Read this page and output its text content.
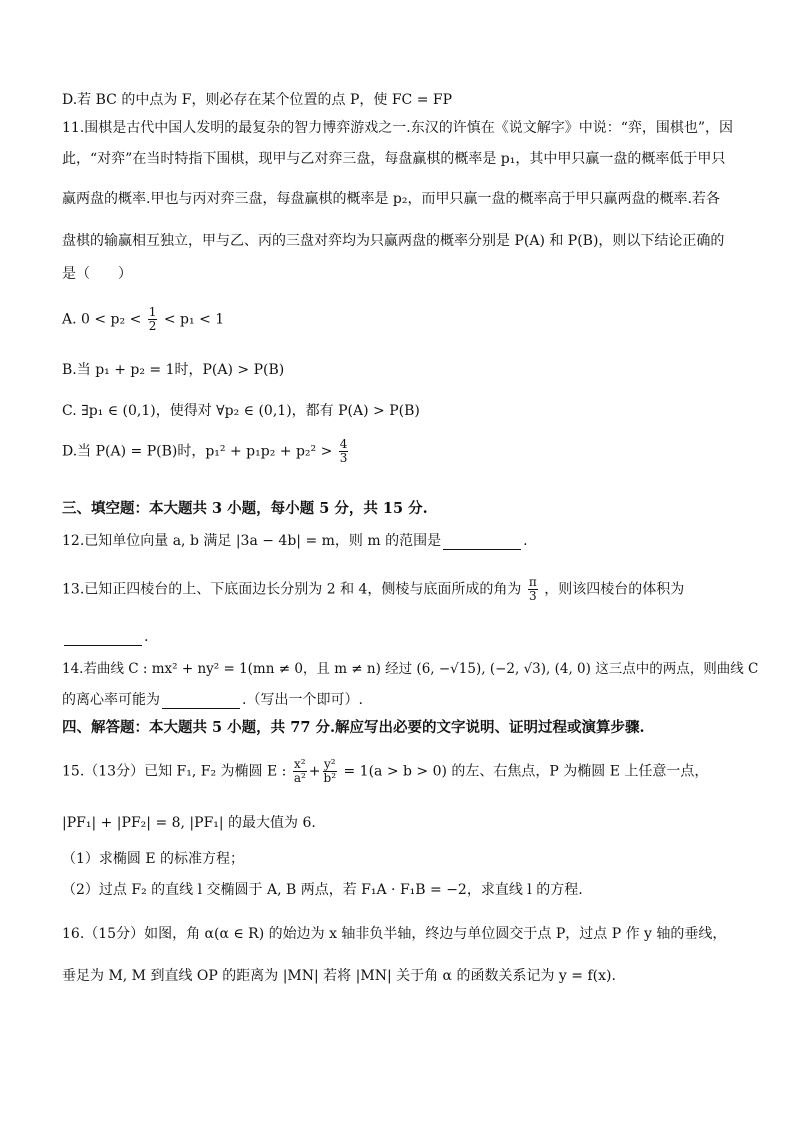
D.若 BC 的中点为 F，则必存在某个位置的点 P，使 FC = FP
11.围棋是古代中国人发明的最复杂的智力博弈游戏之一.东汉的许慎在《说文解字》中说：“弈，围棋也”，因
此，“对弈”在当时特指下围棋，现甲与乙对弈三盘，每盘赢棋的概率是 p₁，其中甲只赢一盘的概率低于甲只
赢两盘的概率.甲也与丙对弈三盘，每盘赢棋的概率是 p₂，而甲只赢一盘的概率高于甲只赢两盘的概率.若各
盘棋的输赢相互独立，甲与乙、丙的三盘对弈均为只赢两盘的概率分别是 P(A) 和 P(B)，则以下结论正确的
是（　　）
A. $0 < p_2 < \frac{1}{2} < p_1 < 1$
B.当 p₁ + p₂ = 1时，P(A) > P(B)
C. ∃p₁ ∈ (0,1)，使得对 ∀p₂ ∈ (0,1)，都有 P(A) > P(B)
D.当 P(A) = P(B)时，$p_1^2 + p_1p_2 + p_2^2 > \frac{4}{3}$
三、填空题：本大题共 3 小题，每小题 5 分，共 15 分.
12.已知单位向量 a, b 满足 |3a − 4b| = m，则 m 的范围是	.
13.已知正四棱台的上、下底面边长分别为 2 和 4，侧棱与底面所成的角为 $\frac{\pi}{3}$ ，则该四棱台的体积为
.
14.若曲线 C : mx² + ny² = 1(mn ≠ 0，且 m ≠ n) 经过 (6, −√15), (−2, √3), (4, 0) 这三点中的两点，则曲线 C
的离心率可能为	.（写出一个即可）.
四、解答题：本大题共 5 小题，共 77 分.解应写出必要的文字说明、证明过程或演算步骤.
15.（13分）已知 F₁, F₂ 为椭圆 E : $\frac{\text{x²}}{\text{a²}} + \frac{\text{y²}}{\text{b²}} = 1(a > b > 0)$ 的左、右焦点，P 为椭圆 E 上任意一点，
|PF₁| + |PF₂| = 8, |PF₁| 的最大值为 6.
（1）求椭圆 E 的标准方程；
（2）过点 F₂ 的直线 l 交椭圆于 A, B 两点，若 F₁A · F₁B = −2，求直线 l 的方程.
16.（15分）如图，角 α(α ∈ R) 的始边为 x 轴非负半轴，终边与单位圆交于点 P，过点 P 作 y 轴的垂线，
垂足为 M, M 到直线 OP 的距离为 |MN| 若将 |MN| 关于角 α 的函数关系记为 y = f(x).
